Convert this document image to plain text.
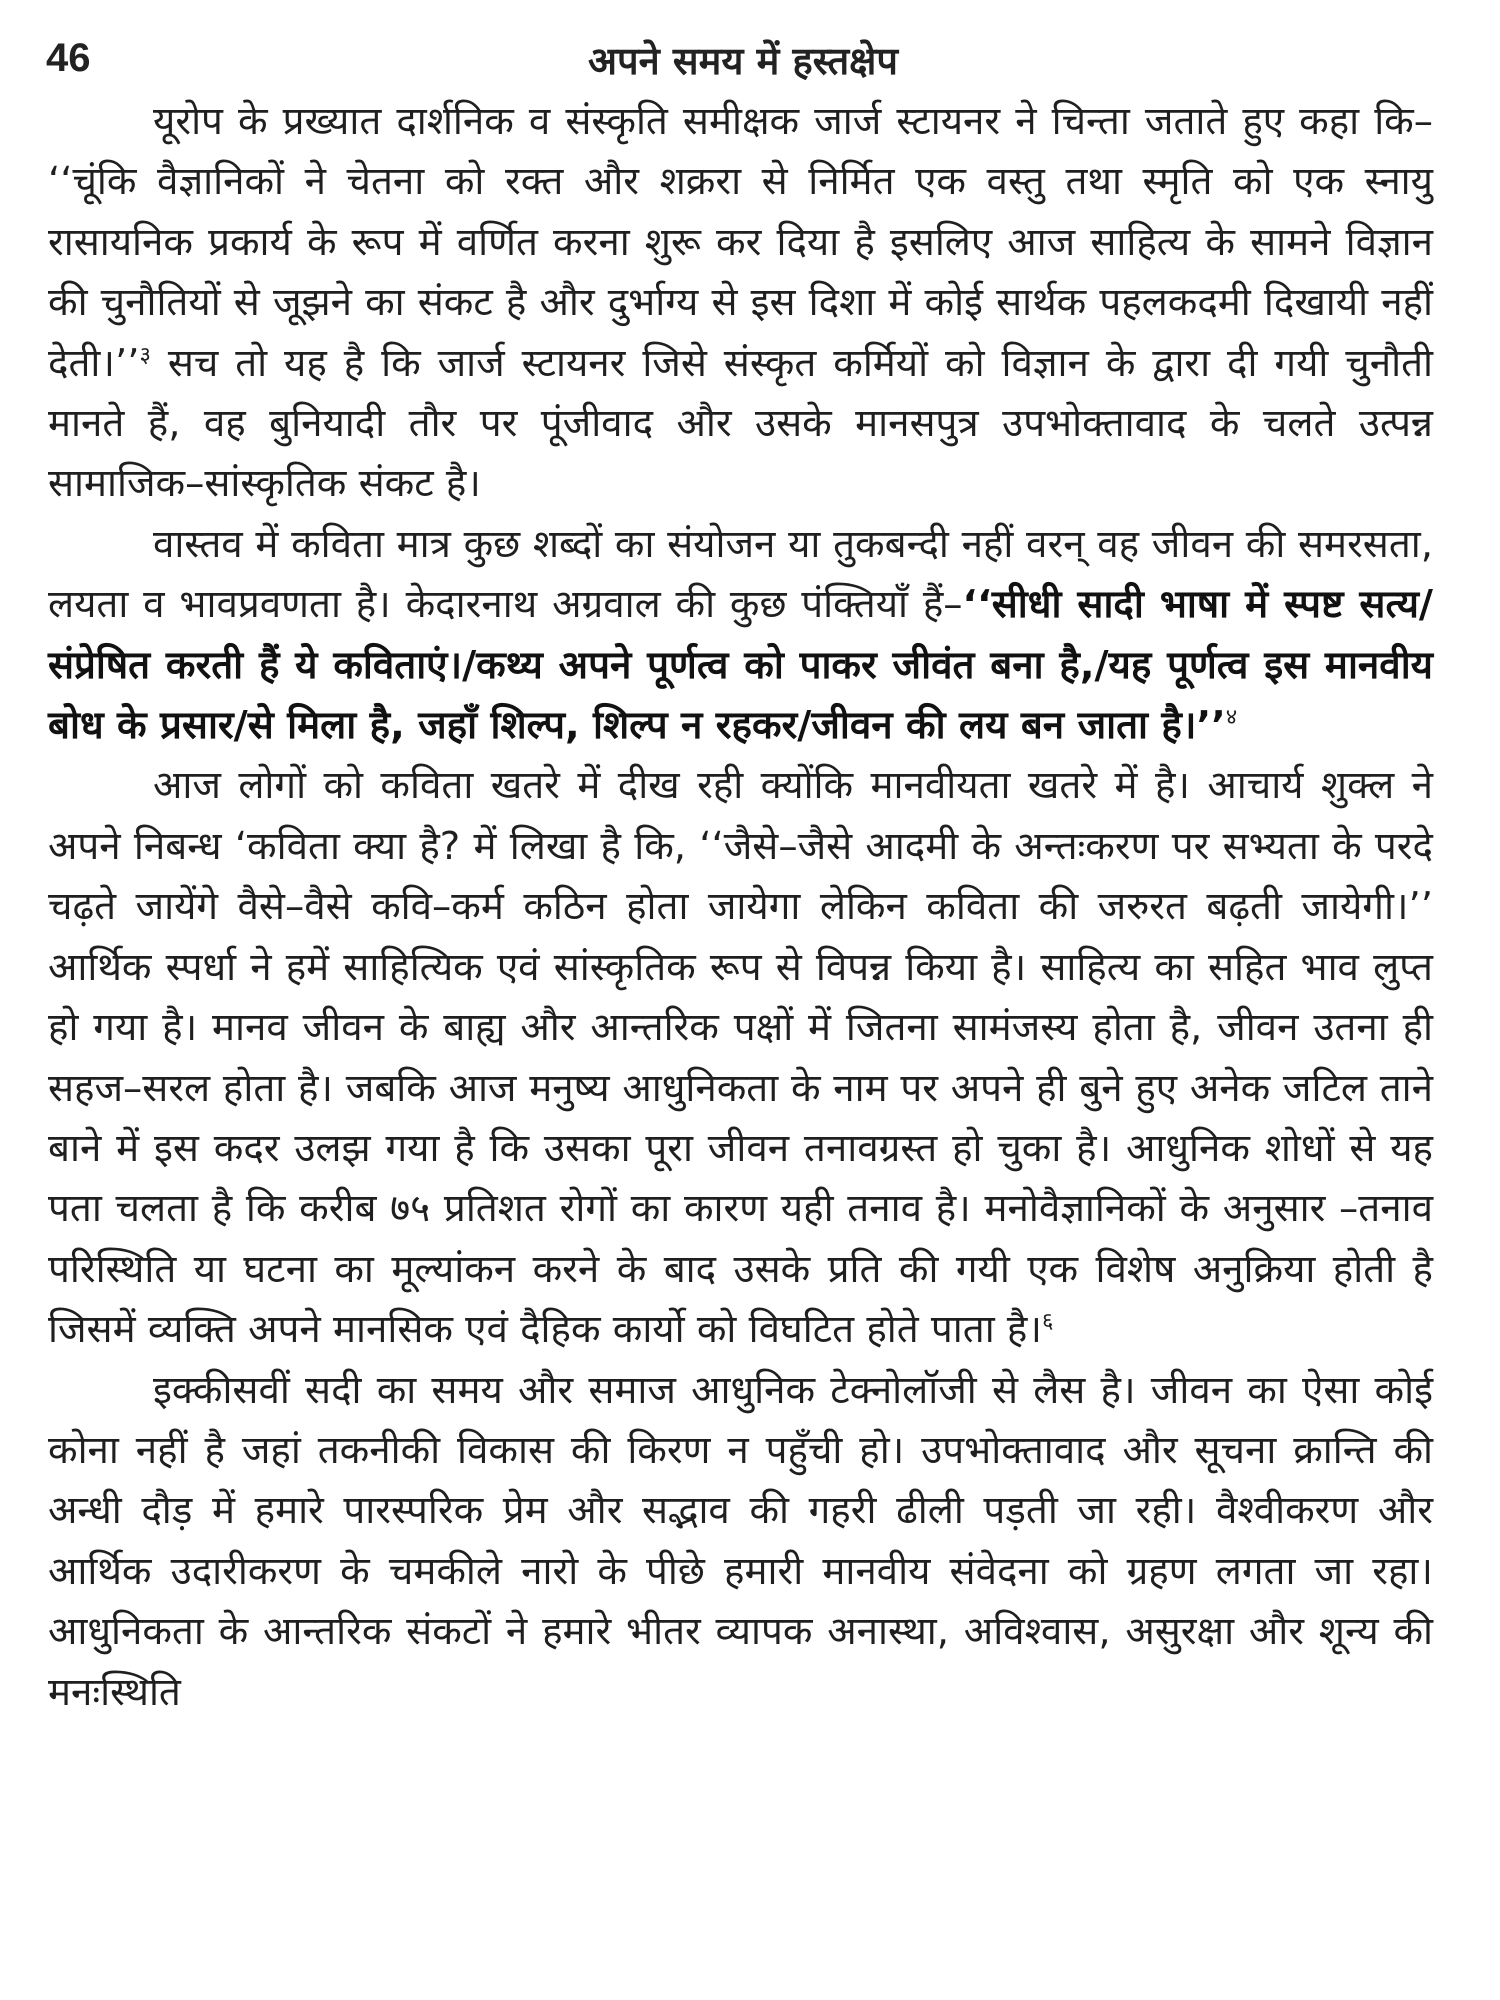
46	अपने समय में हस्तक्षेप

यूरोप के प्रख्यात दार्शनिक व संस्कृति समीक्षक जार्ज स्टायनर ने चिन्ता जताते हुए कहा कि– ‘‘चूंकि वैज्ञानिकों ने चेतना को रक्त और शक्ररा से निर्मित एक वस्तु तथा स्मृति को एक स्नायु रासायनिक प्रकार्य के रूप में वर्णित करना शुरू कर दिया है इसलिए आज साहित्य के सामने विज्ञान की चुनौतियों से जूझने का संकट है और दुर्भाग्य से इस दिशा में कोई सार्थक पहलकदमी दिखायी नहीं देती।’’$^३$ सच तो यह है कि जार्ज स्टायनर जिसे संस्कृत कर्मियों को विज्ञान के द्वारा दी गयी चुनौती मानते हैं, वह बुनियादी तौर पर पूंजीवाद और उसके मानसपुत्र उपभोक्तावाद के चलते उत्पन्न सामाजिक–सांस्कृतिक संकट है।

वास्तव में कविता मात्र कुछ शब्दों का संयोजन या तुकबन्दी नहीं वरन् वह जीवन की समरसता, लयता व भावप्रवणता है। केदारनाथ अग्रवाल की कुछ पंक्तियाँ हैं–‘‘सीधी सादी भाषा में स्पष्ट सत्य/संप्रेषित करती हैं ये कविताएं।/कथ्य अपने पूर्णत्व को पाकर जीवंत बना है,/यह पूर्णत्व इस मानवीय बोध के प्रसार/से मिला है, जहाँ शिल्प, शिल्प न रहकर/जीवन की लय बन जाता है।’’$^४$

आज लोगों को कविता खतरे में दीख रही क्योंकि मानवीयता खतरे में है। आचार्य शुक्ल ने अपने निबन्ध ‘कविता क्या है? में लिखा है कि, ‘‘जैसे–जैसे आदमी के अन्तःकरण पर सभ्यता के परदे चढ़ते जायेंगे वैसे–वैसे कवि–कर्म कठिन होता जायेगा लेकिन कविता की जरुरत बढ़ती जायेगी।’’ आर्थिक स्पर्धा ने हमें साहित्यिक एवं सांस्कृतिक रूप से विपन्न किया है। साहित्य का सहित भाव लुप्त हो गया है। मानव जीवन के बाह्य और आन्तरिक पक्षों में जितना सामंजस्य होता है, जीवन उतना ही सहज–सरल होता है। जबकि आज मनुष्य आधुनिकता के नाम पर अपने ही बुने हुए अनेक जटिल ताने बाने में इस कदर उलझ गया है कि उसका पूरा जीवन तनावग्रस्त हो चुका है। आधुनिक शोधों से यह पता चलता है कि करीब ७५ प्रतिशत रोगों का कारण यही तनाव है। मनोवैज्ञानिकों के अनुसार –तनाव परिस्थिति या घटना का मूल्यांकन करने के बाद उसके प्रति की गयी एक विशेष अनुक्रिया होती है जिसमें व्यक्ति अपने मानसिक एवं दैहिक कार्यो को विघटित होते पाता है।$^६$

इक्कीसवीं सदी का समय और समाज आधुनिक टेक्नोलॉजी से लैस है। जीवन का ऐसा कोई कोना नहीं है जहां तकनीकी विकास की किरण न पहुँची हो। उपभोक्तावाद और सूचना क्रान्ति की अन्धी दौड़ में हमारे पारस्परिक प्रेम और सद्भाव की गहरी ढीली पड़ती जा रही। वैश्वीकरण और आर्थिक उदारीकरण के चमकीले नारो के पीछे हमारी मानवीय संवेदना को ग्रहण लगता जा रहा। आधुनिकता के आन्तरिक संकटों ने हमारे भीतर व्यापक अनास्था, अविश्वास, असुरक्षा और शून्य की मनःस्थिति
